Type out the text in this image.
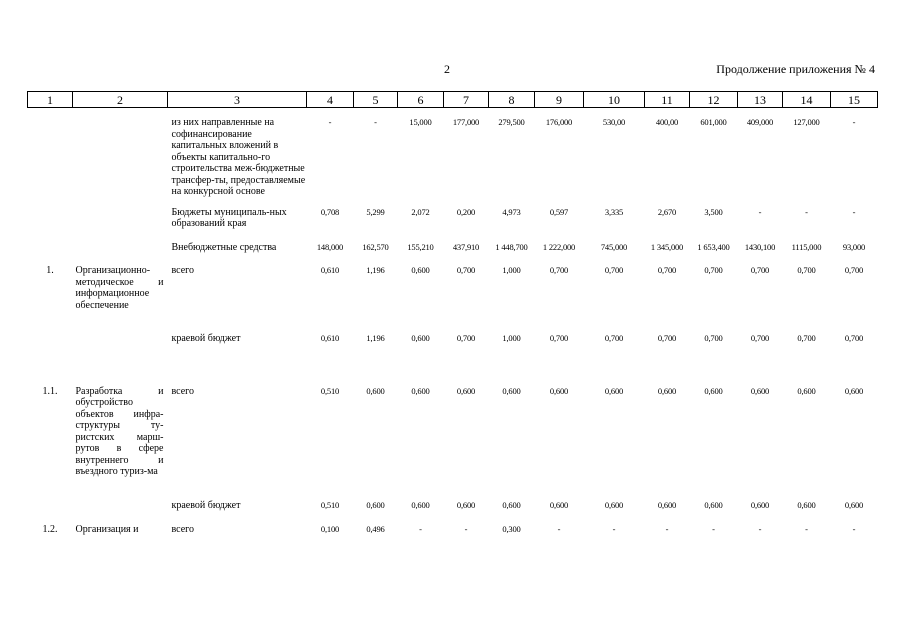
2	Продолжение приложения № 4
1	2	3	4	5	6	7	8	9	10	11	12	13	14	15
		из них направленные на софинансирование капитальных вложений в объекты капитально-го строительства меж-бюджетные трансфер-ты, предоставляемые на конкурсной основе	-	-	15,000	177,000	279,500	176,000	530,00	400,00	601,000	409,000	127,000	-
		Бюджеты муниципаль-ных образований края	0,708	5,299	2,072	0,200	4,973	0,597	3,335	2,670	3,500	-	-	-
		Внебюджетные средства	148,000	162,570	155,210	437,910	1 448,700	1 222,000	745,000	1 345,000	1 653,400	1430,100	1115,000	93,000
1.	Организационно-методическое и информационное обеспечение	всего	0,610	1,196	0,600	0,700	1,000	0,700	0,700	0,700	0,700	0,700	0,700	0,700
		краевой бюджет	0,610	1,196	0,600	0,700	1,000	0,700	0,700	0,700	0,700	0,700	0,700	0,700
1.1.	Разработка и обустройство объектов инфра-структуры ту-ристских марш-рутов в сфере внутреннего и въездного туриз-ма	всего	0,510	0,600	0,600	0,600	0,600	0,600	0,600	0,600	0,600	0,600	0,600	0,600
		краевой бюджет	0,510	0,600	0,600	0,600	0,600	0,600	0,600	0,600	0,600	0,600	0,600	0,600
1.2.	Организация и	всего	0,100	0,496	-	-	0,300	-	-	-	-	-	-	-
